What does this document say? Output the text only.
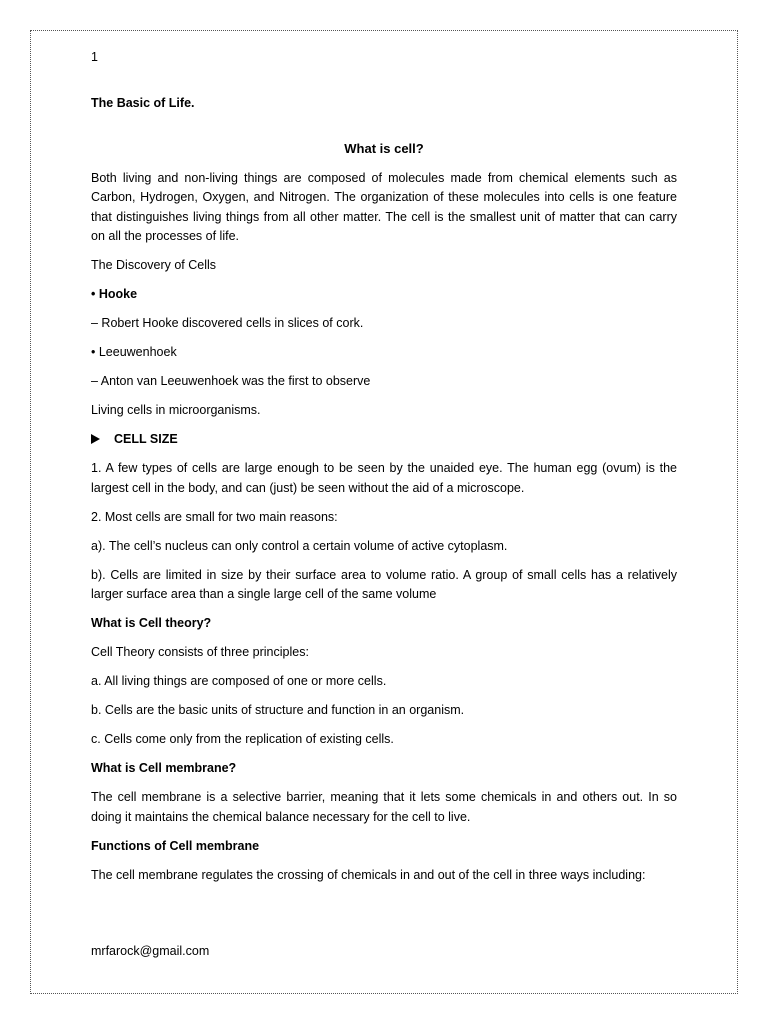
1

The Basic of Life.

What is cell?

Both living and non-living things are composed of molecules made from chemical elements such as Carbon, Hydrogen, Oxygen, and Nitrogen. The organization of these molecules into cells is one feature that distinguishes living things from all other matter. The cell is the smallest unit of matter that can carry on all the processes of life.

The Discovery of Cells

• Hooke

– Robert Hooke discovered cells in slices of cork.

• Leeuwenhoek

– Anton van Leeuwenhoek was the first to observe

Living cells in microorganisms.

CELL SIZE

1. A few types of cells are large enough to be seen by the unaided eye. The human egg (ovum) is the largest cell in the body, and can (just) be seen without the aid of a microscope.

2. Most cells are small for two main reasons:

a). The cell’s nucleus can only control a certain volume of active cytoplasm.

b). Cells are limited in size by their surface area to volume ratio. A group of small cells has a relatively larger surface area than a single large cell of the same volume

What is Cell theory?

Cell Theory consists of three principles:

a. All living things are composed of one or more cells.

b. Cells are the basic units of structure and function in an organism.

c. Cells come only from the replication of existing cells.

What is Cell membrane?

The cell membrane is a selective barrier, meaning that it lets some chemicals in and others out. In so doing it maintains the chemical balance necessary for the cell to live.

Functions of Cell membrane

The cell membrane regulates the crossing of chemicals in and out of the cell in three ways including:

mrfarock@gmail.com
